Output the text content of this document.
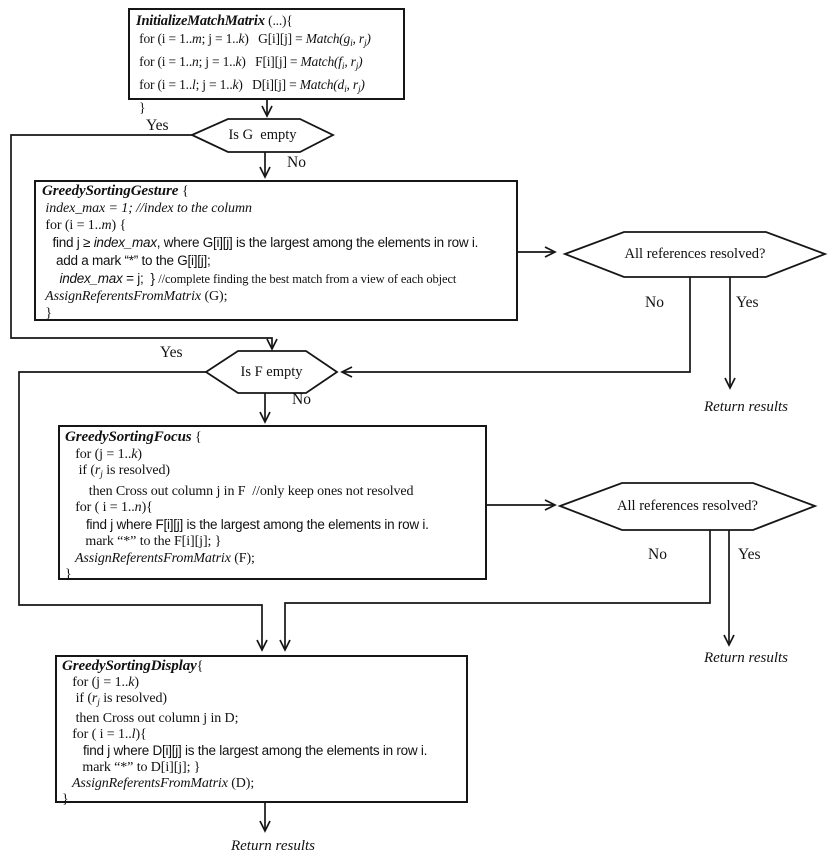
Is G  empty
All references resolved?
Is F empty
All references resolved?
InitializeMatchMatrix (...){
for (i = 1..m; j = 1..k)   $G[i][j] = Match(g_i$, $r_j$)
for (i = 1..n; j = 1..k)   $F[i][j] = Match(f_i$, $r_j$)
for (i = 1..l; j = 1..k)   $D[i][j] = Match(d_i$, $r_j$)
}
GreedySortingGesture {
index_max = 1; //index to the column
for (i = 1..m) {
find j ≥ index_max, where G[i][j] is the largest among the elements in row i.
add a mark “*” to the G[i][j];
index_max = j;  } //complete finding the best match from a view of each object
AssignReferentsFromMatrix (G);
}
GreedySortingFocus {
for (j = 1..k)
if ($r_j$ is resolved)
then Cross out column j in F  //only keep ones not resolved
for ( i = 1..n){
find j where F[i][j] is the largest among the elements in row i.
mark “*” to the F[i][j]; }
AssignReferentsFromMatrix (F);
}
GreedySortingDisplay{
for (j = 1..k)
if ($r_j$ is resolved)
then Cross out column j in D;
for ( i = 1..l){
find j where D[i][j] is the largest among the elements in row i.
mark “*” to D[i][j]; }
AssignReferentsFromMatrix (D);
}
Yes
No
No	Yes
Yes
No
No	Yes
Return results
Return results
Return results
